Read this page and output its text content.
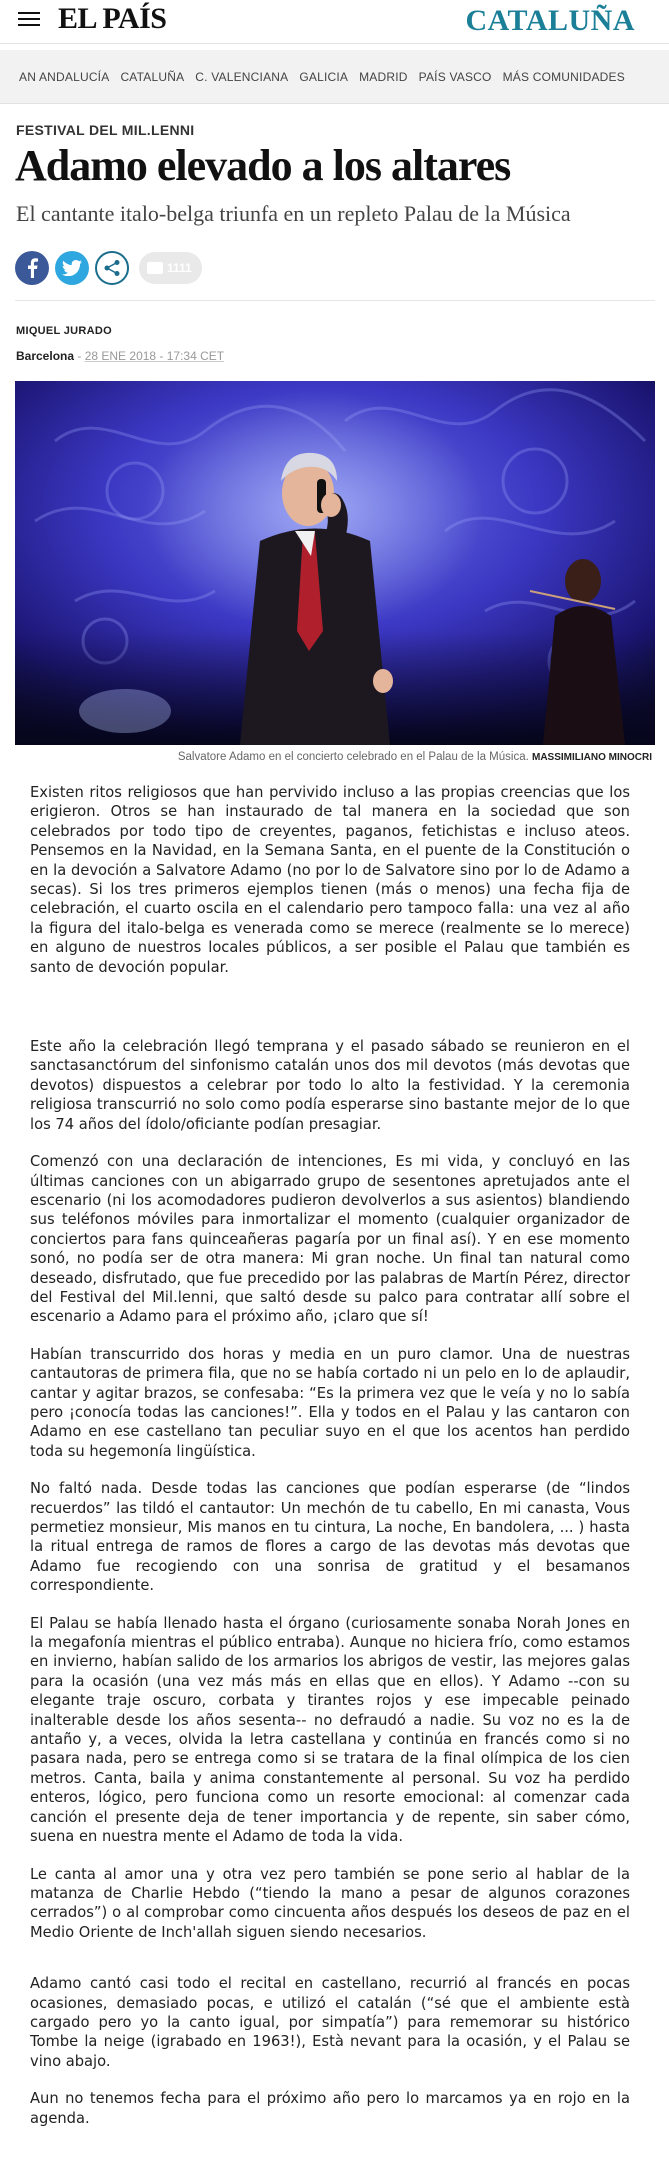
EL PAÍS	CATALUÑA
AN ANDALUCÍA CATALUÑA C. VALENCIANA GALICIA MADRID PAÍS VASCO MÁS COMUNIDADES
FESTIVAL DEL MIL.LENNI
Adamo elevado a los altares
El cantante italo-belga triunfa en un repleto Palau de la Música
1111
MIQUEL JURADO
Barcelona - 28 ENE 2018 - 17:34 CET
Salvatore Adamo en el concierto celebrado en el Palau de la Música. MASSIMILIANO MINOCRI

Existen ritos religiosos que han pervivido incluso a las propias creencias que los erigieron. Otros se han instaurado de tal manera en la sociedad que son celebrados por todo tipo de creyentes, paganos, fetichistas e incluso ateos. Pensemos en la Navidad, en la Semana Santa, en el puente de la Constitución o en la devoción a Salvatore Adamo (no por lo de Salvatore sino por lo de Adamo a secas). Si los tres primeros ejemplos tienen (más o menos) una fecha fija de celebración, el cuarto oscila en el calendario pero tampoco falla: una vez al año la figura del italo-belga es venerada como se merece (realmente se lo merece) en alguno de nuestros locales públicos, a ser posible el Palau que también es santo de devoción popular.

Este año la celebración llegó temprana y el pasado sábado se reunieron en el sanctasanctórum del sinfonismo catalán unos dos mil devotos (más devotas que devotos) dispuestos a celebrar por todo lo alto la festividad. Y la ceremonia religiosa transcurrió no solo como podía esperarse sino bastante mejor de lo que los 74 años del ídolo/oficiante podían presagiar.

Comenzó con una declaración de intenciones, Es mi vida, y concluyó en las últimas canciones con un abigarrado grupo de sesentones apretujados ante el escenario (ni los acomodadores pudieron devolverlos a sus asientos) blandiendo sus teléfonos móviles para inmortalizar el momento (cualquier organizador de conciertos para fans quinceañeras pagaría por un final así). Y en ese momento sonó, no podía ser de otra manera: Mi gran noche. Un final tan natural como deseado, disfrutado, que fue precedido por las palabras de Martín Pérez, director del Festival del Mil.lenni, que saltó desde su palco para contratar allí sobre el escenario a Adamo para el próximo año, ¡claro que sí!

Habían transcurrido dos horas y media en un puro clamor. Una de nuestras cantautoras de primera fila, que no se había cortado ni un pelo en lo de aplaudir, cantar y agitar brazos, se confesaba: “Es la primera vez que le veía y no lo sabía pero ¡conocía todas las canciones!”. Ella y todos en el Palau y las cantaron con Adamo en ese castellano tan peculiar suyo en el que los acentos han perdido toda su hegemonía lingüística.

No faltó nada. Desde todas las canciones que podían esperarse (de “lindos recuerdos” las tildó el cantautor: Un mechón de tu cabello, En mi canasta, Vous permetiez monsieur, Mis manos en tu cintura, La noche, En bandolera, ... ) hasta la ritual entrega de ramos de flores a cargo de las devotas más devotas que Adamo fue recogiendo con una sonrisa de gratitud y el besamanos correspondiente.

El Palau se había llenado hasta el órgano (curiosamente sonaba Norah Jones en la megafonía mientras el público entraba). Aunque no hiciera frío, como estamos en invierno, habían salido de los armarios los abrigos de vestir, las mejores galas para la ocasión (una vez más más en ellas que en ellos). Y Adamo --con su elegante traje oscuro, corbata y tirantes rojos y ese impecable peinado inalterable desde los años sesenta-- no defraudó a nadie. Su voz no es la de antaño y, a veces, olvida la letra castellana y continúa en francés como si no pasara nada, pero se entrega como si se tratara de la final olímpica de los cien metros. Canta, baila y anima constantemente al personal. Su voz ha perdido enteros, lógico, pero funciona como un resorte emocional: al comenzar cada canción el presente deja de tener importancia y de repente, sin saber cómo, suena en nuestra mente el Adamo de toda la vida.

Le canta al amor una y otra vez pero también se pone serio al hablar de la matanza de Charlie Hebdo (“tiendo la mano a pesar de algunos corazones cerrados”) o al comprobar como cincuenta años después los deseos de paz en el Medio Oriente de Inch'allah siguen siendo necesarios.

Adamo cantó casi todo el recital en castellano, recurrió al francés en pocas ocasiones, demasiado pocas, e utilizó el catalán (“sé que el ambiente està cargado pero yo la canto igual, por simpatía”) para rememorar su histórico Tombe la neige (igrabado en 1963!), Està nevant para la ocasión, y el Palau se vino abajo.

Aun no tenemos fecha para el próximo año pero lo marcamos ya en rojo en la agenda.
